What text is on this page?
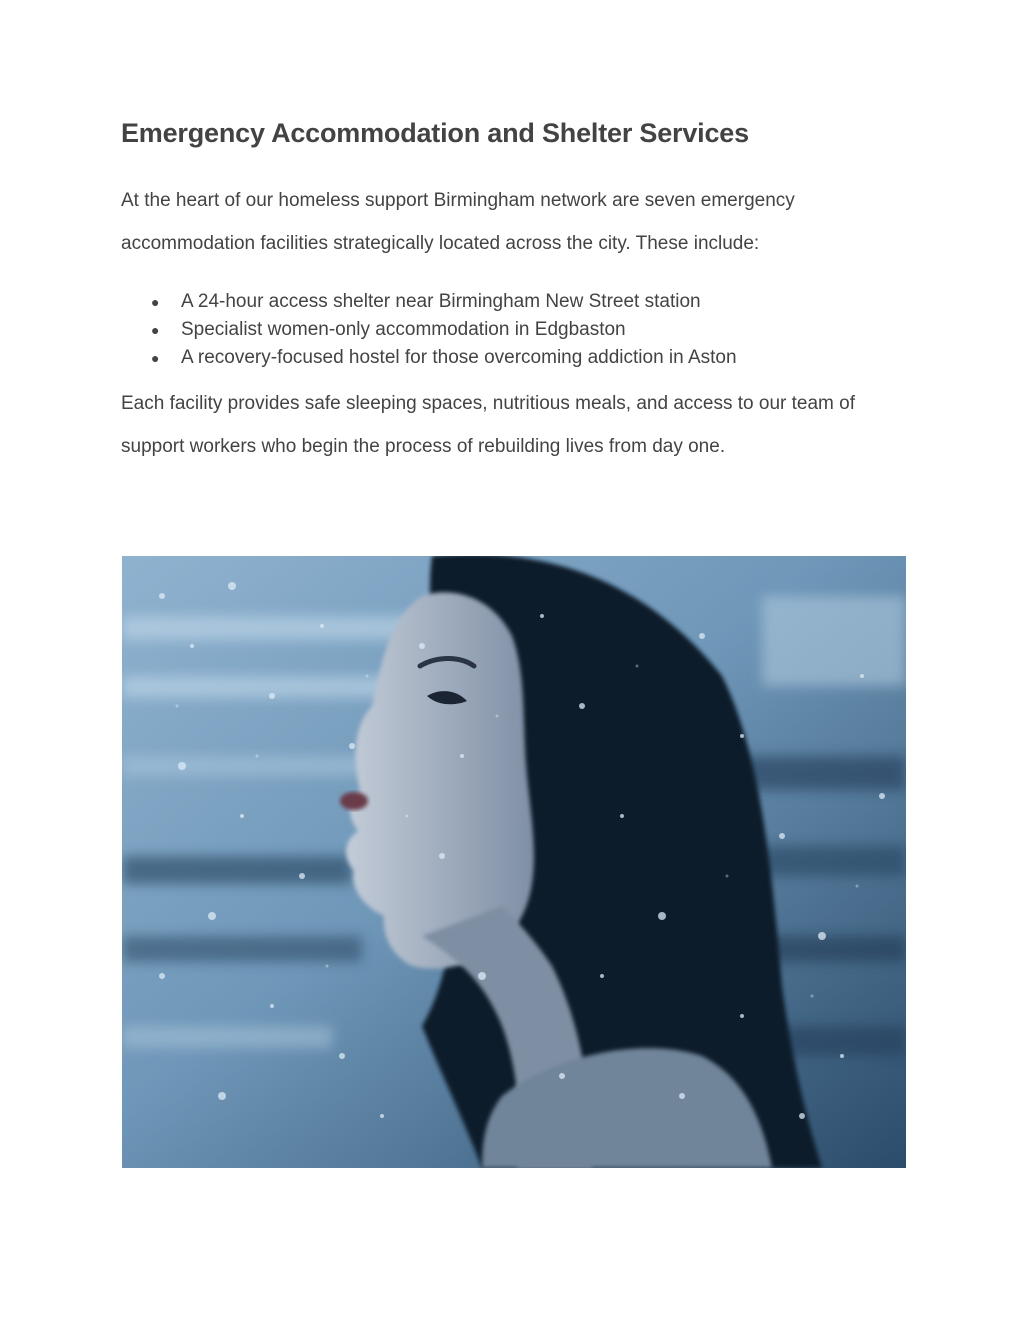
Emergency Accommodation and Shelter Services

At the heart of our homeless support Birmingham network are seven emergency accommodation facilities strategically located across the city. These include:

● A 24-hour access shelter near Birmingham New Street station
● Specialist women-only accommodation in Edgbaston
● A recovery-focused hostel for those overcoming addiction in Aston

Each facility provides safe sleeping spaces, nutritious meals, and access to our team of support workers who begin the process of rebuilding lives from day one.
